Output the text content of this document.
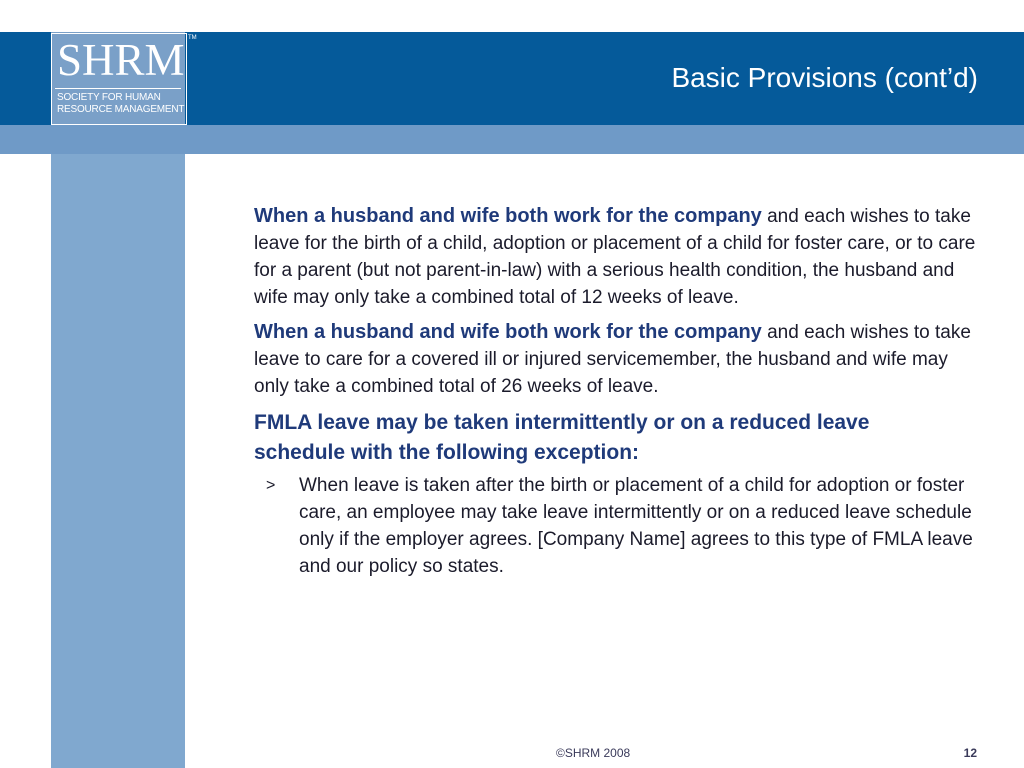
S H R M
SOCIETY FOR HUMAN
RESOURCE MANAGEMENT
TM
Basic Provisions (cont’d)

When a husband and wife both work for the company and each wishes to take leave for the birth of a child, adoption or placement of a child for foster care, or to care for a parent (but not parent-in-law) with a serious health condition, the husband and wife may only take a combined total of 12 weeks of leave.

When a husband and wife both work for the company and each wishes to take leave to care for a covered ill or injured servicemember, the husband and wife may only take a combined total of 26 weeks of leave.

FMLA leave may be taken intermittently or on a reduced leave schedule with the following exception:

> When leave is taken after the birth or placement of a child for adoption or foster care, an employee may take leave intermittently or on a reduced leave schedule only if the employer agrees. [Company Name] agrees to this type of FMLA leave and our policy so states.
©SHRM 2008	12
